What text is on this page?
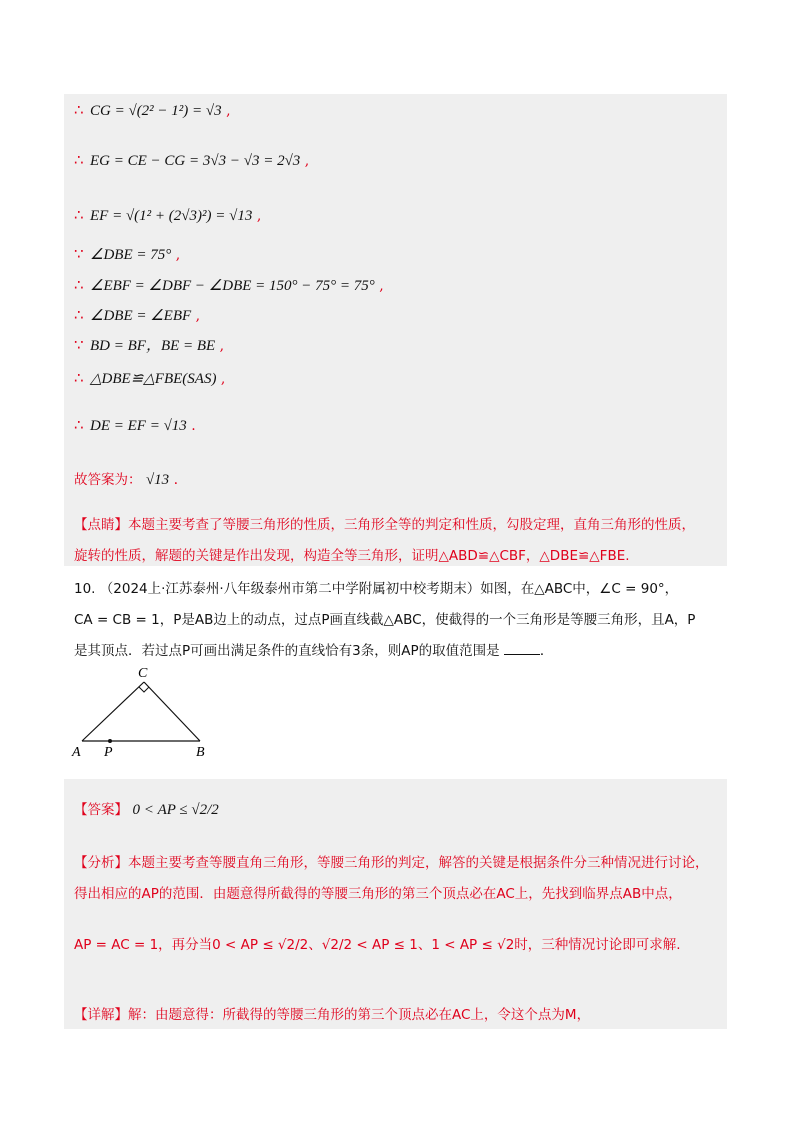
∴ CG = √(2² − 1²) = √3 ,
∴ EG = CE − CG = 3√3 − √3 = 2√3 ,
∴ EF = √(1² + (2√3)²) = √13 ,
∵ ∠DBE = 75° ,
∴ ∠EBF = ∠DBF − ∠DBE = 150° − 75° = 75° ,
∴ ∠DBE = ∠EBF ,
∵ BD = BF，BE = BE ,
∴ △DBE≌△FBE(SAS) ,
∴ DE = EF = √13 .
故答案为： √13 .
【点睛】本题主要考查了等腰三角形的性质，三角形全等的判定和性质，勾股定理，直角三角形的性质，
旋转的性质，解题的关键是作出发现，构造全等三角形，证明△ABD≌△CBF，△DBE≌△FBE.
10. （2024上·江苏泰州·八年级泰州市第二中学附属初中校考期末）如图，在△ABC中，∠C = 90°，
CA = CB = 1，P是AB边上的动点，过点P画直线截△ABC，使截得的一个三角形是等腰三角形，且A，P
是其顶点．若过点P可画出满足条件的直线恰有3条，则AP的取值范围是	．
C
A P	B
【答案】 0 < AP ≤ √2/2
【分析】本题主要考查等腰直角三角形，等腰三角形的判定，解答的关键是根据条件分三种情况进行讨论，
得出相应的AP的范围．由题意得所截得的等腰三角形的第三个顶点必在AC上，先找到临界点AB中点，
AP = AC = 1，再分当0 < AP ≤ √2/2、√2/2 < AP ≤ 1、1 < AP ≤ √2时，三种情况讨论即可求解.
【详解】解：由题意得：所截得的等腰三角形的第三个顶点必在AC上，令这个点为M，
